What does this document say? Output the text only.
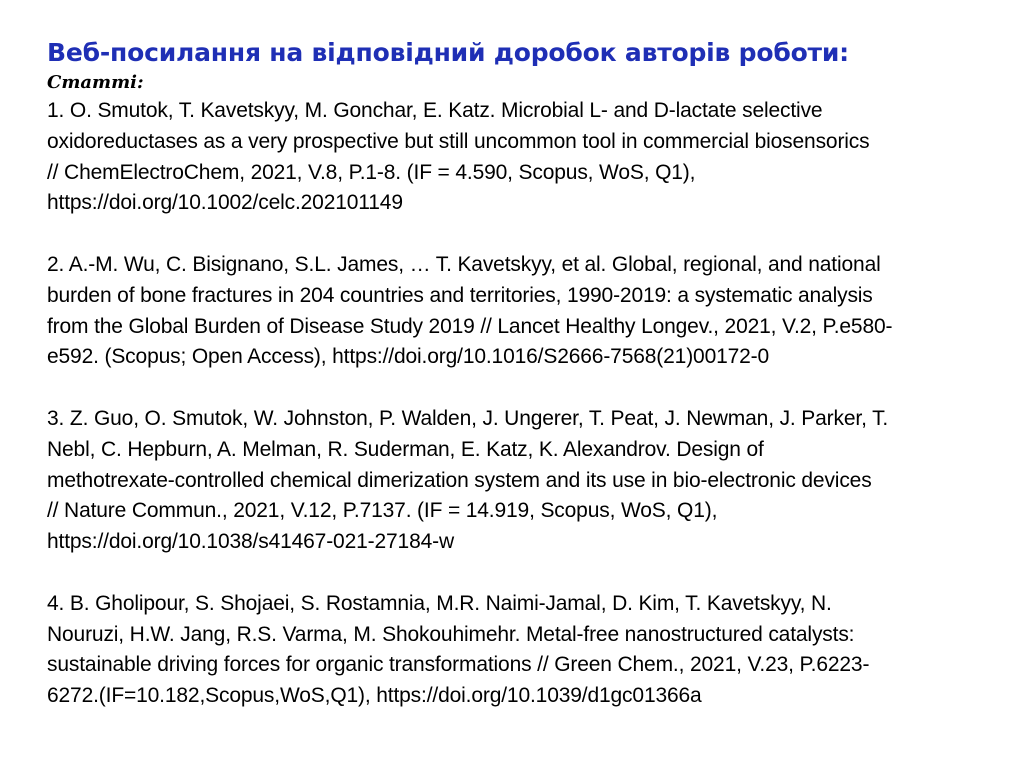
Веб-посилання на відповідний доробок авторів роботи:

Статті:

1. O. Smutok, T. Kavetskyy, M. Gonchar, E. Katz. Microbial L- and D-lactate selective
oxidoreductases as a very prospective but still uncommon tool in commercial biosensorics
// ChemElectroChem, 2021, V.8, P.1-8. (IF = 4.590, Scopus, WoS, Q1),
https://doi.org/10.1002/celc.202101149
2. A.-M. Wu, C. Bisignano, S.L. James, … T. Kavetskyy, et al. Global, regional, and national
burden of bone fractures in 204 countries and territories, 1990-2019: a systematic analysis
from the Global Burden of Disease Study 2019 // Lancet Healthy Longev., 2021, V.2, P.e580-
e592. (Scopus; Open Access), https://doi.org/10.1016/S2666-7568(21)00172-0
3. Z. Guo, O. Smutok, W. Johnston, P. Walden, J. Ungerer, T. Peat, J. Newman, J. Parker, T.
Nebl, C. Hepburn, A. Melman, R. Suderman, E. Katz, K. Alexandrov. Design of
methotrexate-controlled chemical dimerization system and its use in bio-electronic devices
// Nature Commun., 2021, V.12, P.7137. (IF = 14.919, Scopus, WoS, Q1),
https://doi.org/10.1038/s41467-021-27184-w
4. B. Gholipour, S. Shojaei, S. Rostamnia, M.R. Naimi-Jamal, D. Kim, T. Kavetskyy, N.
Nouruzi, H.W. Jang, R.S. Varma, M. Shokouhimehr. Metal-free nanostructured catalysts:
sustainable driving forces for organic transformations // Green Chem., 2021, V.23, P.6223-
6272.(IF=10.182,Scopus,WoS,Q1), https://doi.org/10.1039/d1gc01366a
